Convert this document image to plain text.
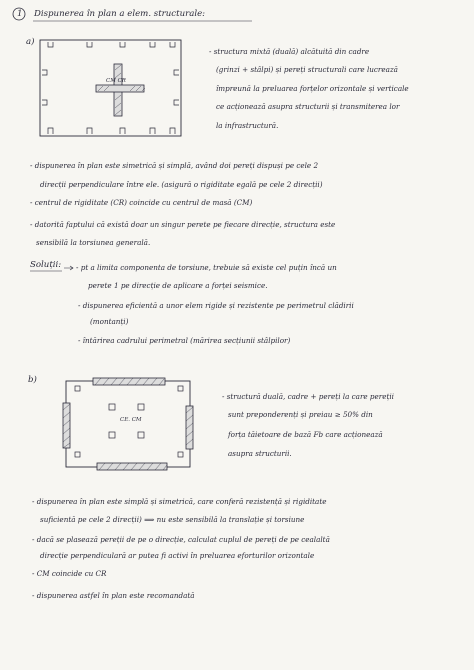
1 Dispunerea în plan a elem. structurale:
a)
CM CR
- structura mixtă (duală) alcătuită din cadre
(grinzi + stâlpi) și pereți structurali care lucrează
împreună la preluarea forțelor orizontale și verticale
ce acționează asupra structurii și transmiterea lor
la infrastructură.
- dispunerea în plan este simetrică și simplă, având doi pereți dispuși pe cele 2
direcții perpendiculare între ele. (asigură o rigiditate egală pe cele 2 direcții)
- centrul de rigiditate (CR) coincide cu centrul de masă (CM)
- datorită faptului că există doar un singur perete pe fiecare direcție, structura este
sensibilă la torsiunea generală.
Soluții: - pt a limita componenta de torsiune, trebuie să existe cel puțin încă un
perete 1 pe direcție de aplicare a forței seismice.
- dispunerea eficientă a unor elem rigide și rezistente pe perimetrul clădirii
(montanți)
- întărirea cadrului perimetral (mărirea secțiunii stâlpilor)
b)
CE. CM
- structură duală, cadre + pereți la care pereții
sunt preponderenți și preiau ≥ 50% din
forța tăietoare de bază Fb care acționează
asupra structurii.
- dispunerea în plan este simplă și simetrică, care conferă rezistență și rigiditate
suficientă pe cele 2 direcții) ⟹ nu este sensibilă la translație și torsiune
- dacă se plasează pereții de pe o direcție, calculat cuplul de pereți de pe cealaltă
direcție perpendiculară ar putea fi activi în preluarea eforturilor orizontale
- CM coincide cu CR
- dispunerea astfel în plan este recomandată
